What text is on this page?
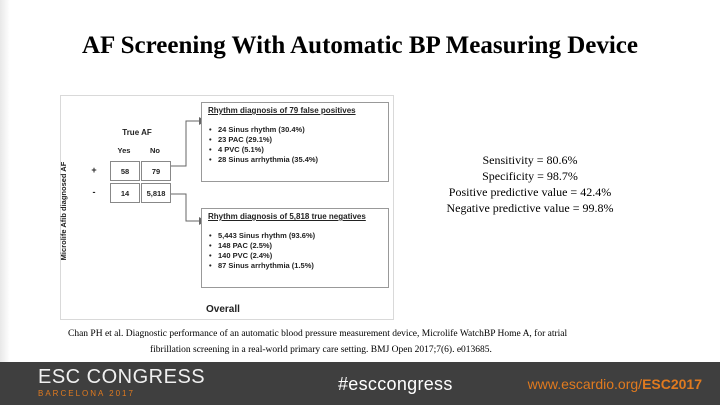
AF Screening With Automatic BP Measuring Device
Microlife Afib diagnosed AF
True AF
Yes	No
+
-
58	79
14	5,818
Rhythm diagnosis of 79 false positives
• 24 Sinus rhythm (30.4%)
• 23 PAC (29.1%)
• 4 PVC (5.1%)
• 28 Sinus arrhythmia (35.4%)
Rhythm diagnosis of 5,818 true negatives
• 5,443 Sinus rhythm (93.6%)
• 148 PAC (2.5%)
• 140 PVC (2.4%)
• 87 Sinus arrhythmia (1.5%)
Overall
Sensitivity = 80.6%
Specificity = 98.7%
Positive predictive value = 42.4%
Negative predictive value = 99.8%
Chan PH et al. Diagnostic performance of an automatic blood pressure measurement device, Microlife WatchBP Home A, for atrial
fibrillation screening in a real-world primary care setting. BMJ Open 2017;7(6). e013685.
ESC CONGRESS
BARCELONA 2017	#esccongress	www.escardio.org/ESC2017
